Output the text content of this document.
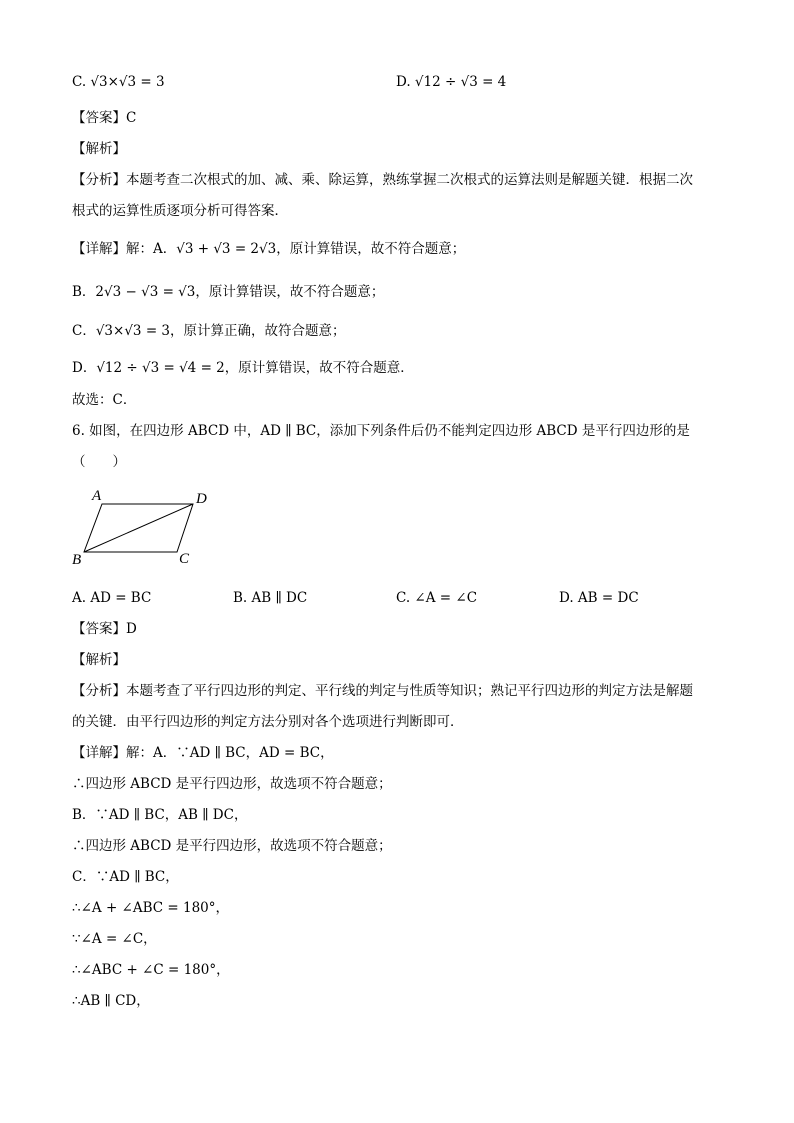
C. √3×√3 = 3	D. √12 ÷ √3 = 4
【答案】C
【解析】
【分析】本题考查二次根式的加、减、乘、除运算，熟练掌握二次根式的运算法则是解题关键．根据二次
根式的运算性质逐项分析可得答案．
【详解】解：A．√3 + √3 = 2√3，原计算错误，故不符合题意；
B．2√3 − √3 = √3，原计算错误，故不符合题意；
C．√3×√3 = 3，原计算正确，故符合题意；
D．√12 ÷ √3 = √4 = 2，原计算错误，故不符合题意．
故选：C．
6. 如图，在四边形 ABCD 中，AD ∥ BC，添加下列条件后仍不能判定四边形 ABCD 是平行四边形的是
（　　）
A	D
B	C
A. AD = BC	B. AB ∥ DC	C. ∠A = ∠C	D. AB = DC
【答案】D
【解析】
【分析】本题考查了平行四边形的判定、平行线的判定与性质等知识；熟记平行四边形的判定方法是解题
的关键．由平行四边形的判定方法分别对各个选项进行判断即可．
【详解】解：A．∵AD ∥ BC，AD = BC，
∴四边形 ABCD 是平行四边形，故选项不符合题意；
B．∵AD ∥ BC，AB ∥ DC，
∴四边形 ABCD 是平行四边形，故选项不符合题意；
C．∵AD ∥ BC，
∴∠A + ∠ABC = 180°，
∵∠A = ∠C，
∴∠ABC + ∠C = 180°，
∴AB ∥ CD，
